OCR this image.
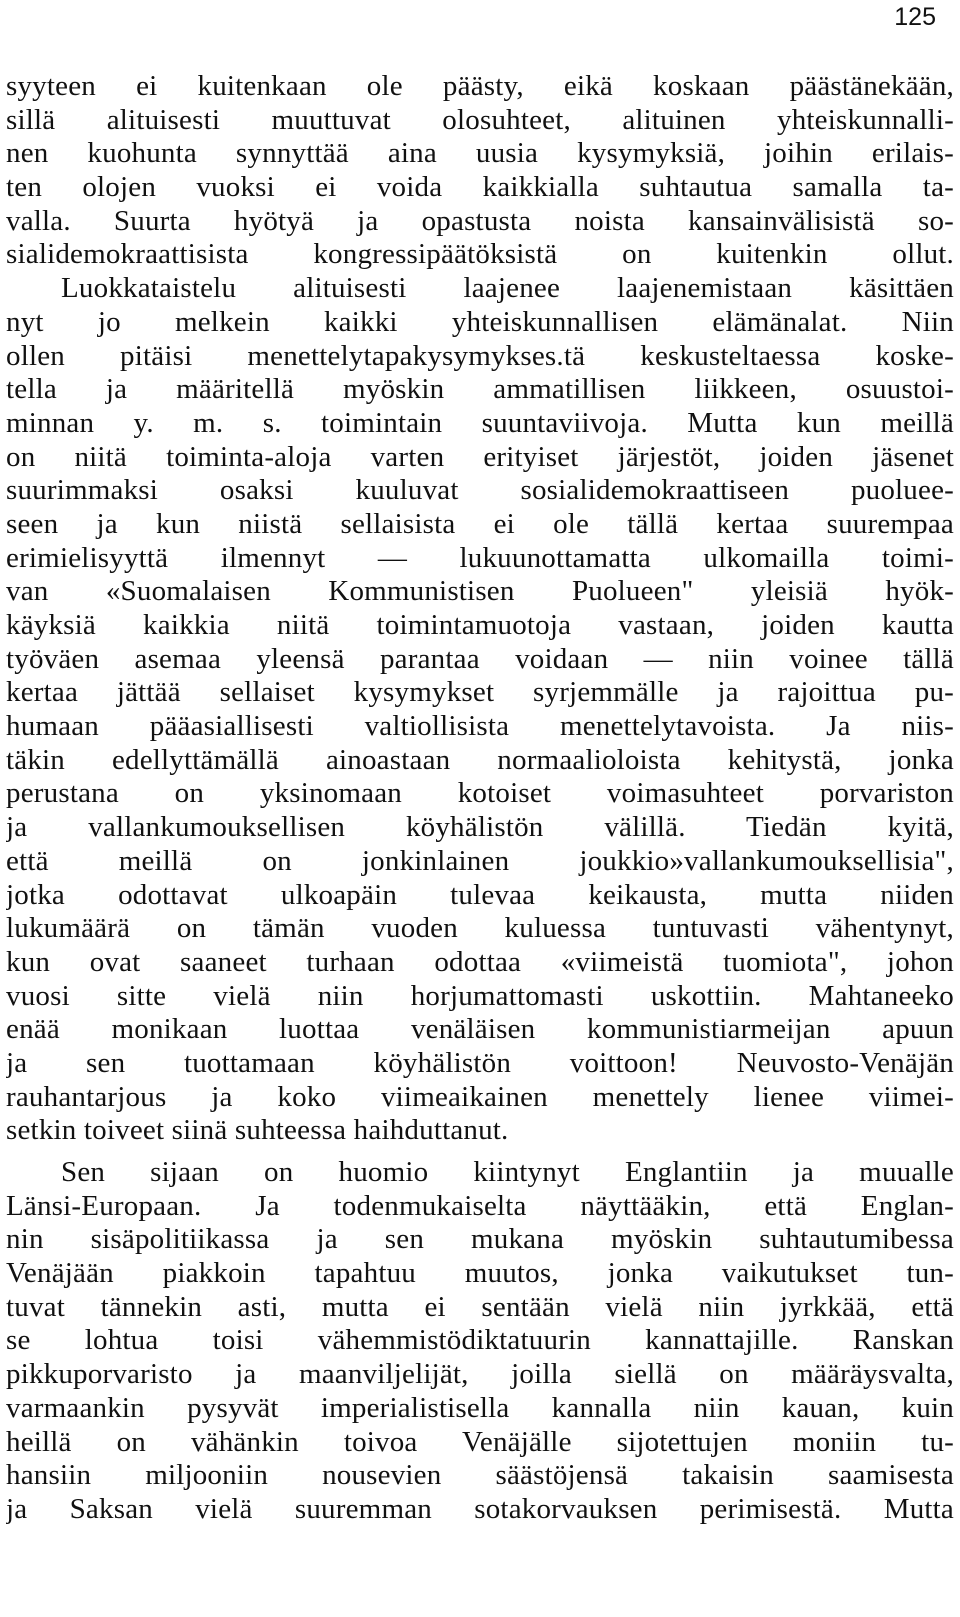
125
syyteen ei kuitenkaan ole päästy, eikä koskaan päästänekään,
sillä alituisesti muuttuvat olosuhteet, alituinen yhteiskunnalli-
nen kuohunta synnyttää aina uusia kysymyksiä, joihin erilais-
ten olojen vuoksi ei voida kaikkialla suhtautua samalla ta-
valla. Suurta hyötyä ja opastusta noista kansainvälisistä so-
sialidemokraattisista kongressipäätöksistä on kuitenkin ollut.
Luokkataistelu alituisesti laajenee laajenemistaan käsittäen
nyt jo melkein kaikki yhteiskunnallisen elämänalat. Niin
ollen pitäisi menettelytapakysymykses.tä keskusteltaessa koske-
tella ja määritellä myöskin ammatillisen liikkeen, osuustoi-
minnan y. m. s. toimintain suuntaviivoja. Mutta kun meillä
on niitä toiminta-aloja varten erityiset järjestöt, joiden jäsenet
suurimmaksi osaksi kuuluvat sosialidemokraattiseen puoluee-
seen ja kun niistä sellaisista ei ole tällä kertaa suurempaa
erimielisyyttä ilmennyt — lukuunottamatta ulkomailla toimi-
van «Suomalaisen Kommunistisen Puolueen" yleisiä hyök-
käyksiä kaikkia niitä toimintamuotoja vastaan, joiden kautta
työväen asemaa yleensä parantaa voidaan — niin voinee tällä
kertaa jättää sellaiset kysymykset syrjemmälle ja rajoittua pu-
humaan pääasiallisesti valtiollisista menettelytavoista. Ja niis-
täkin edellyttämällä ainoastaan normaalioloista kehitystä, jonka
perustana on yksinomaan kotoiset voimasuhteet porvariston
ja vallankumouksellisen köyhälistön välillä. Tiedän kyitä,
että meillä on jonkinlainen joukkio»vallankumouksellisia",
jotka odottavat ulkoapäin tulevaa keikausta, mutta niiden
lukumäärä on tämän vuoden kuluessa tuntuvasti vähentynyt,
kun ovat saaneet turhaan odottaa «viimeistä tuomiota", johon
vuosi sitte vielä niin horjumattomasti uskottiin. Mahtaneeko
enää monikaan luottaa venäläisen kommunistiarmeijan apuun
ja sen tuottamaan köyhälistön voittoon! Neuvosto-Venäjän
rauhantarjous ja koko viimeaikainen menettely lienee viimei-
setkin toiveet siinä suhteessa haihduttanut.
Sen sijaan on huomio kiintynyt Englantiin ja muualle
Länsi-Europaan. Ja todenmukaiselta näyttääkin, että Englan-
nin sisäpolitiikassa ja sen mukana myöskin suhtautumibessa
Venäjään piakkoin tapahtuu muutos, jonka vaikutukset tun-
tuvat tännekin asti, mutta ei sentään vielä niin jyrkkää, että
se lohtua toisi vähemmistödiktatuurin kannattajille. Ranskan
pikkuporvaristo ja maanviljelijät, joilla siellä on määräysvalta,
varmaankin pysyvät imperialistisella kannalla niin kauan, kuin
heillä on vähänkin toivoa Venäjälle sijotettujen moniin tu-
hansiin miljooniin nousevien säästöjensä takaisin saamisesta
ja Saksan vielä suuremman sotakorvauksen perimisestä. Mutta
